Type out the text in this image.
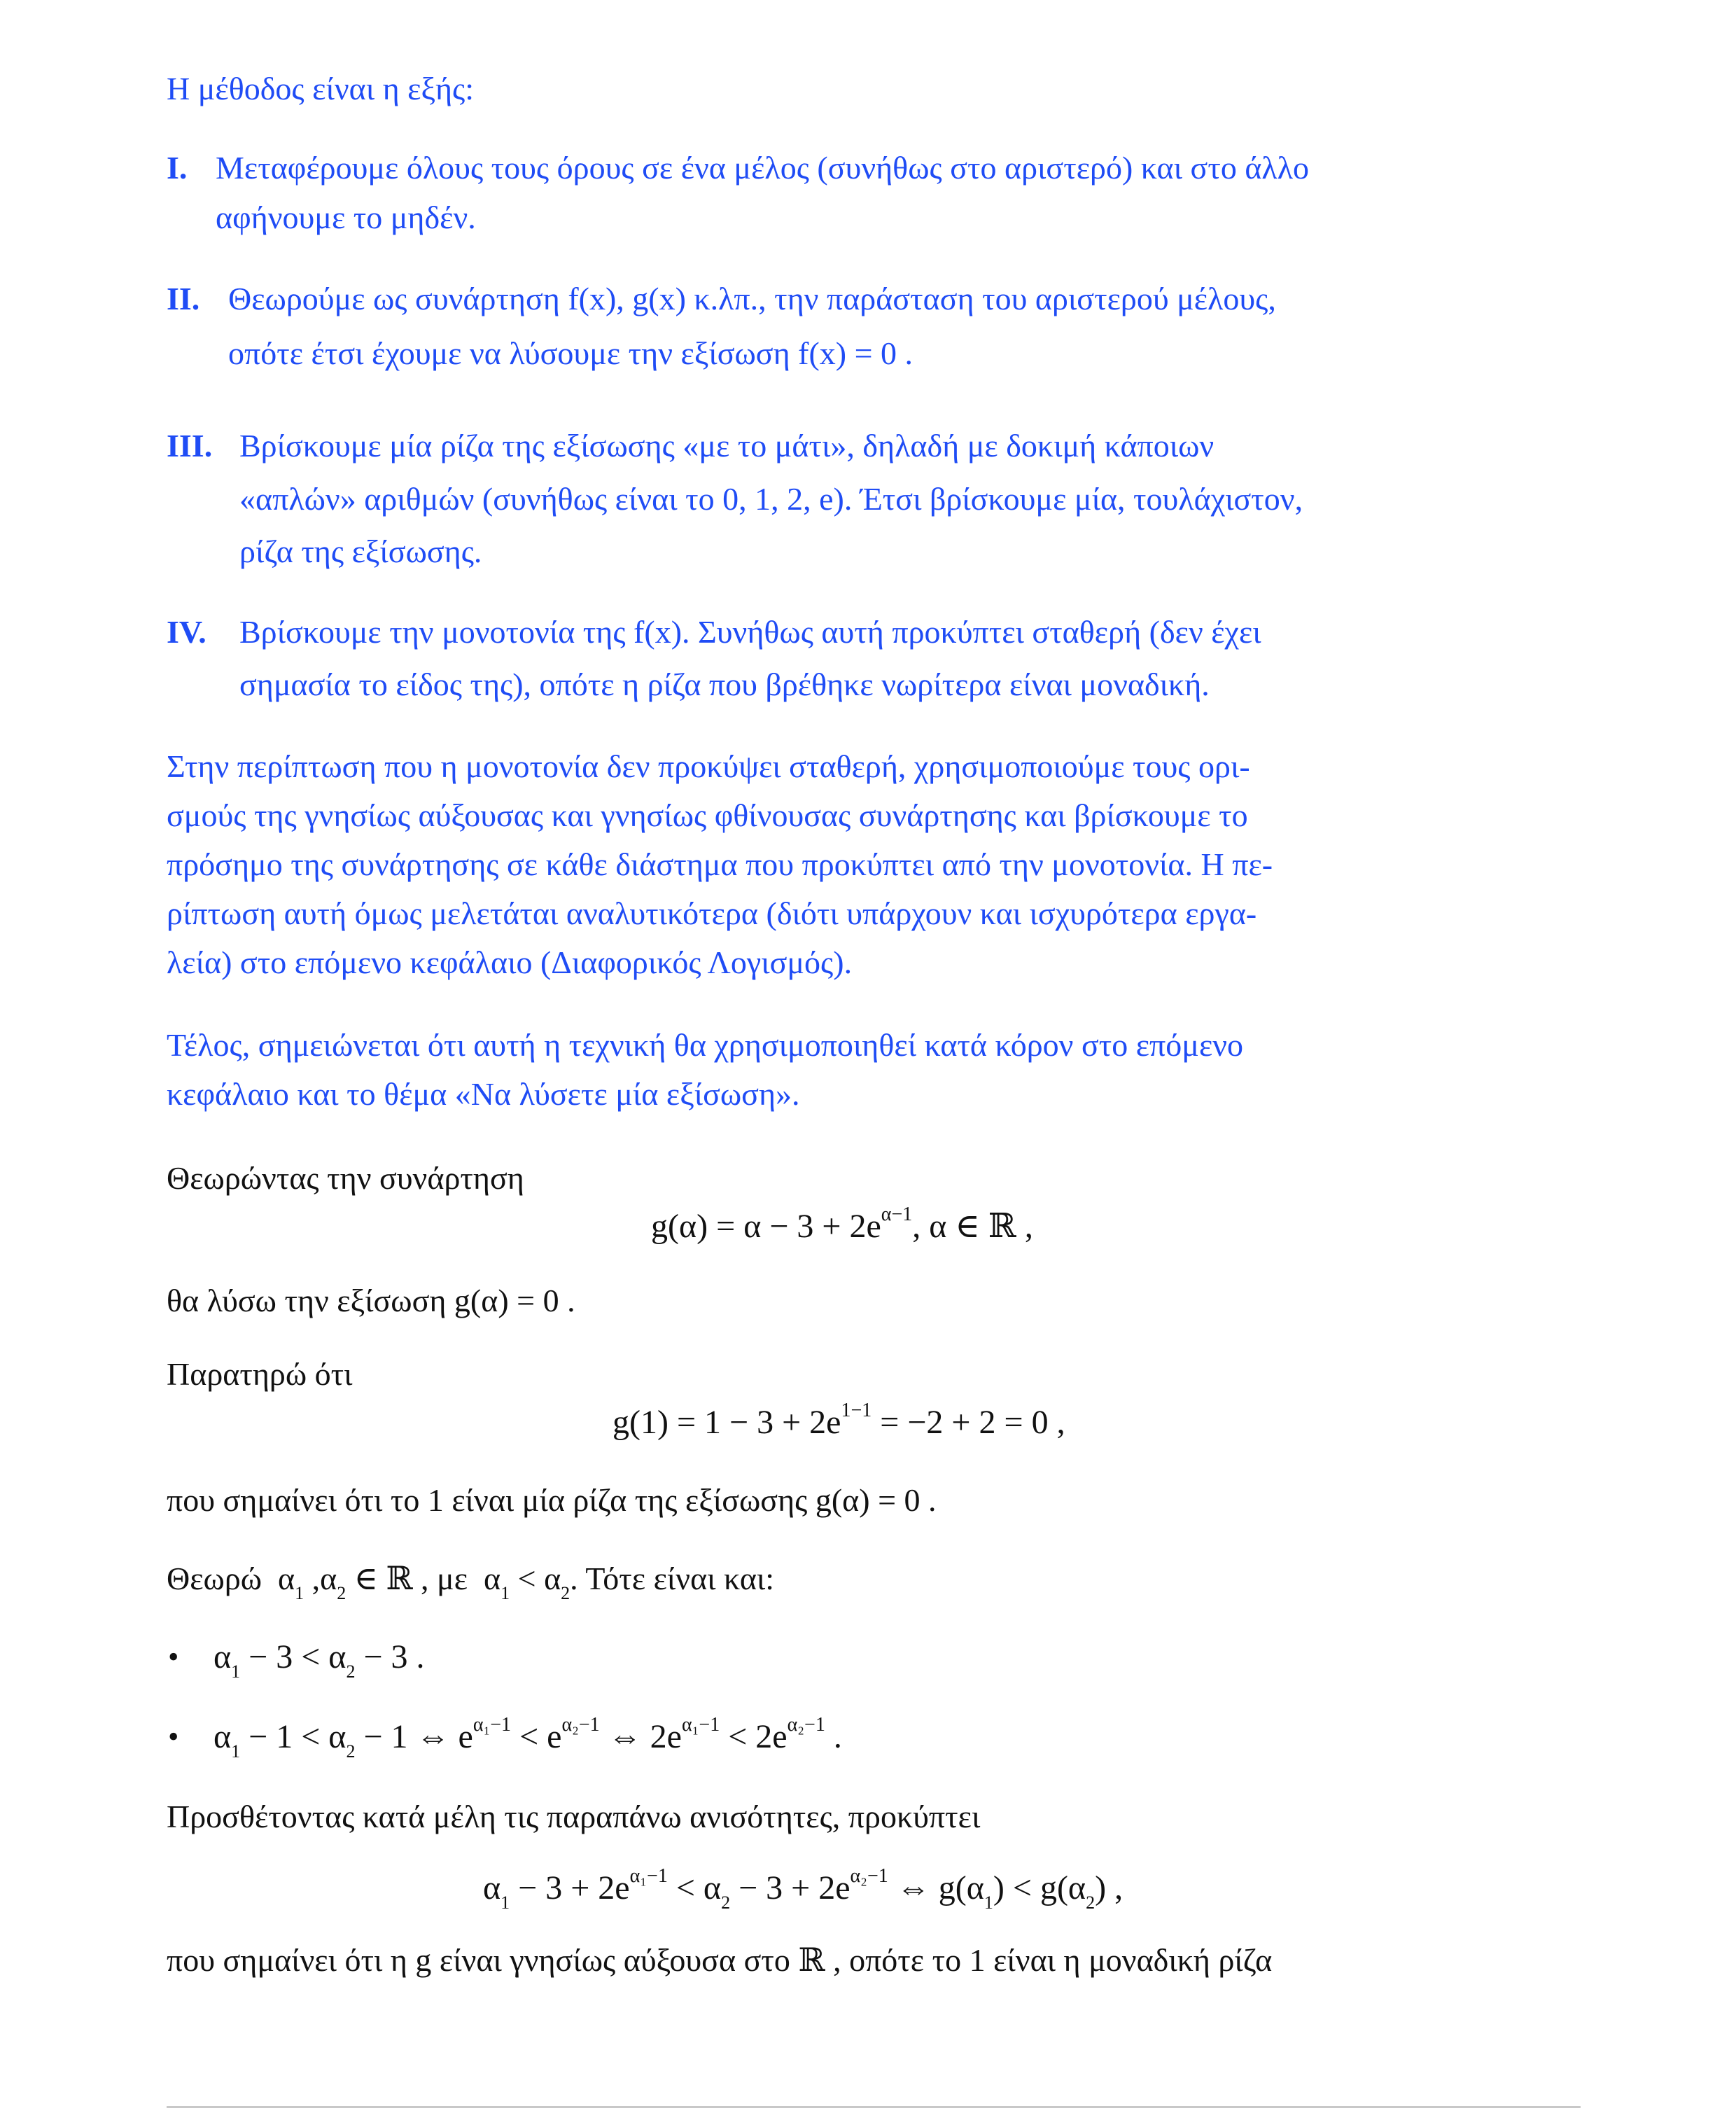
Η μέθοδος είναι η εξής:
I. Μεταφέρουμε όλους τους όρους σε ένα μέλος (συνήθως στο αριστερό) και στο άλλο
αφήνουμε το μηδέν.
II. Θεωρούμε ως συνάρτηση f(x), g(x) κ.λπ., την παράσταση του αριστερού μέλους,
οπότε έτσι έχουμε να λύσουμε την εξίσωση f(x) = 0 .
III. Βρίσκουμε μία ρίζα της εξίσωσης «με το μάτι», δηλαδή με δοκιμή κάποιων
«απλών» αριθμών (συνήθως είναι το 0, 1, 2, e). Έτσι βρίσκουμε μία, τουλάχιστον,
ρίζα της εξίσωσης.
IV. Βρίσκουμε την μονοτονία της f(x). Συνήθως αυτή προκύπτει σταθερή (δεν έχει
σημασία το είδος της), οπότε η ρίζα που βρέθηκε νωρίτερα είναι μοναδική.
Στην περίπτωση που η μονοτονία δεν προκύψει σταθερή, χρησιμοποιούμε τους ορι-
σμούς της γνησίως αύξουσας και γνησίως φθίνουσας συνάρτησης και βρίσκουμε το
πρόσημο της συνάρτησης σε κάθε διάστημα που προκύπτει από την μονοτονία. Η πε-
ρίπτωση αυτή όμως μελετάται αναλυτικότερα (διότι υπάρχουν και ισχυρότερα εργα-
λεία) στο επόμενο κεφάλαιο (Διαφορικός Λογισμός).
Τέλος, σημειώνεται ότι αυτή η τεχνική θα χρησιμοποιηθεί κατά κόρον στο επόμενο
κεφάλαιο και το θέμα «Να λύσετε μία εξίσωση».
Θεωρώντας την συνάρτηση
$g(\alpha) = \alpha - 3 + 2e^{\alpha-1}$, α ∈ ℝ ,
θα λύσω την εξίσωση g(α) = 0 .
Παρατηρώ ότι
$g(1) = 1 - 3 + 2e^{1-1} = -2 + 2 = 0$ ,
που σημαίνει ότι το 1 είναι μία ρίζα της εξίσωσης g(α) = 0 .
Θεωρώ  $\alpha_1$ $,\alpha_2$ ∈ ℝ , με  $\alpha_1 < \alpha_2$. Τότε είναι και:
• $\alpha_1 - 3 < \alpha_2 - 3$ .
• $\alpha_1 - 1 < \alpha_2 - 1$ ⇔ $e^{\alpha_1-1} < e^{\alpha_2-1}$ ⇔ $2e^{\alpha_1-1} < 2e^{\alpha_2-1}$ .
Προσθέτοντας κατά μέλη τις παραπάνω ανισότητες, προκύπτει
$\alpha_1 - 3 + 2e^{\alpha_1-1} < \alpha_2 - 3 + 2e^{\alpha_2-1}$ ⇔ $g(\alpha_1) < g(\alpha_2)$ ,
που σημαίνει ότι η g είναι γνησίως αύξουσα στο ℝ , οπότε το 1 είναι η μοναδική ρίζα
